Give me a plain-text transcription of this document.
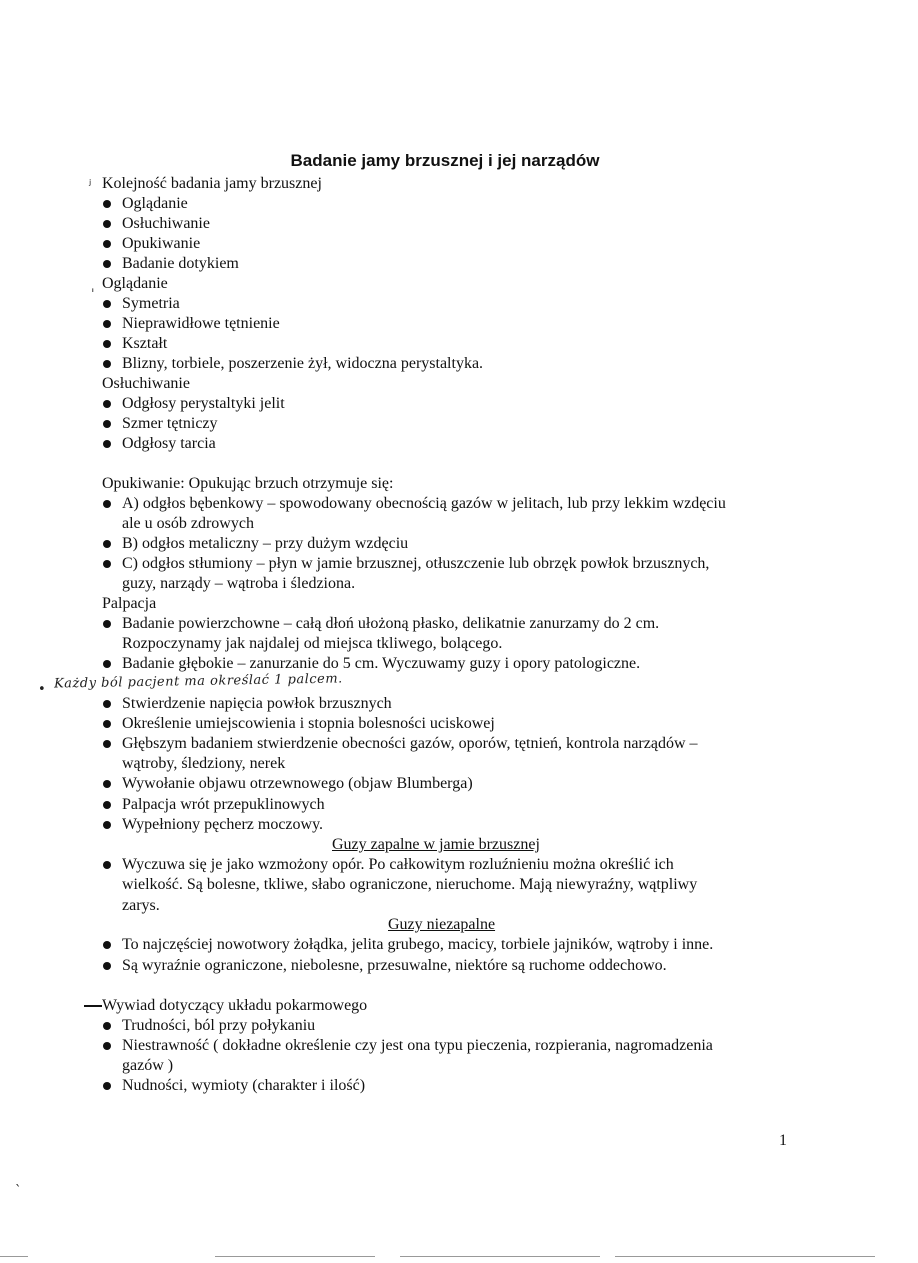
Badanie jamy brzusznej i jej narządów
ʲ Kolejność badania jamy brzusznej
Oglądanie
Osłuchiwanie
Opukiwanie
Badanie dotykiem
ˌ Oglądanie
Symetria
Nieprawidłowe tętnienie
Kształt
Blizny, torbiele, poszerzenie żył, widoczna perystaltyka.
Osłuchiwanie
Odgłosy perystaltyki jelit
Szmer tętniczy
Odgłosy tarcia
Opukiwanie: Opukując brzuch otrzymuje się:
A) odgłos bębenkowy – spowodowany obecnością gazów w jelitach, lub przy lekkim wzdęciu
ale u osób zdrowych
B) odgłos metaliczny – przy dużym wzdęciu
C) odgłos stłumiony – płyn w jamie brzusznej, otłuszczenie lub obrzęk powłok brzusznych,
guzy, narządy – wątroba i śledziona.
Palpacja
Badanie powierzchowne – całą dłoń ułożoną płasko, delikatnie zanurzamy do 2 cm.
Rozpoczynamy jak najdalej od miejsca tkliwego, bolącego.
Badanie głębokie – zanurzanie do 5 cm. Wyczuwamy guzy i opory patologiczne.
• Każdy ból pacjent ma określać 1 palcem.
Stwierdzenie napięcia powłok brzusznych
Określenie umiejscowienia i stopnia bolesności uciskowej
Głębszym badaniem stwierdzenie obecności gazów, oporów, tętnień, kontrola narządów –
wątroby, śledziony, nerek
Wywołanie objawu otrzewnowego (objaw Blumberga)
Palpacja wrót przepuklinowych
Wypełniony pęcherz moczowy.
Guzy zapalne w jamie brzusznej
Wyczuwa się je jako wzmożony opór. Po całkowitym rozluźnieniu można określić ich
wielkość. Są bolesne, tkliwe, słabo ograniczone, nieruchome. Mają niewyraźny, wątpliwy
zarys.
Guzy niezapalne
To najczęściej nowotwory żołądka, jelita grubego, macicy, torbiele jajników, wątroby i inne.
Są wyraźnie ograniczone, niebolesne, przesuwalne, niektóre są ruchome oddechowo.
Wywiad dotyczący układu pokarmowego
Trudności, ból przy połykaniu
Niestrawność ( dokładne określenie czy jest ona typu pieczenia, rozpierania, nagromadzenia
gazów )
Nudności, wymioty (charakter i ilość)
1
ˋ
